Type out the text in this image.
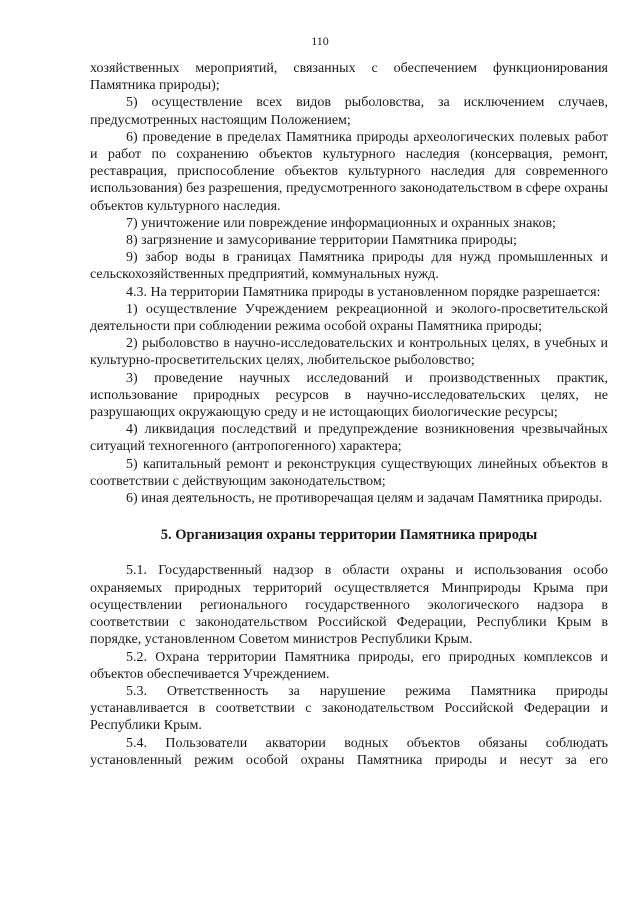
110

хозяйственных мероприятий, связанных с обеспечением функционирования Памятника природы);

5) осуществление всех видов рыболовства, за исключением случаев, предусмотренных настоящим Положением;

6) проведение в пределах Памятника природы археологических полевых работ и работ по сохранению объектов культурного наследия (консервация, ремонт, реставрация, приспособление объектов культурного наследия для современного использования) без разрешения, предусмотренного законодательством в сфере охраны объектов культурного наследия.

7) уничтожение или повреждение информационных и охранных знаков;

8) загрязнение и замусоривание территории Памятника природы;

9) забор воды в границах Памятника природы для нужд промышленных и сельскохозяйственных предприятий, коммунальных нужд.

4.3. На территории Памятника природы в установленном порядке разрешается:

1) осуществление Учреждением рекреационной и эколого-просветительской деятельности при соблюдении режима особой охраны Памятника природы;

2) рыболовство в научно-исследовательских и контрольных целях, в учебных и культурно-просветительских целях, любительское рыболовство;

3) проведение научных исследований и производственных практик, использование природных ресурсов в научно-исследовательских целях, не разрушающих окружающую среду и не истощающих биологические ресурсы;

4) ликвидация последствий и предупреждение возникновения чрезвычайных ситуаций техногенного (антропогенного) характера;

5) капитальный ремонт и реконструкция существующих линейных объектов в соответствии с действующим законодательством;

6) иная деятельность, не противоречащая целям и задачам Памятника природы.

5. Организация охраны территории Памятника природы

5.1. Государственный надзор в области охраны и использования особо охраняемых природных территорий осуществляется Минприроды Крыма при осуществлении регионального государственного экологического надзора в соответствии с законодательством Российской Федерации, Республики Крым в порядке, установленном Советом министров Республики Крым.

5.2. Охрана территории Памятника природы, его природных комплексов и объектов обеспечивается Учреждением.

5.3. Ответственность за нарушение режима Памятника природы устанавливается в соответствии с законодательством Российской Федерации и Республики Крым.

5.4. Пользователи акватории водных объектов обязаны соблюдать установленный режим особой охраны Памятника природы и несут за его
